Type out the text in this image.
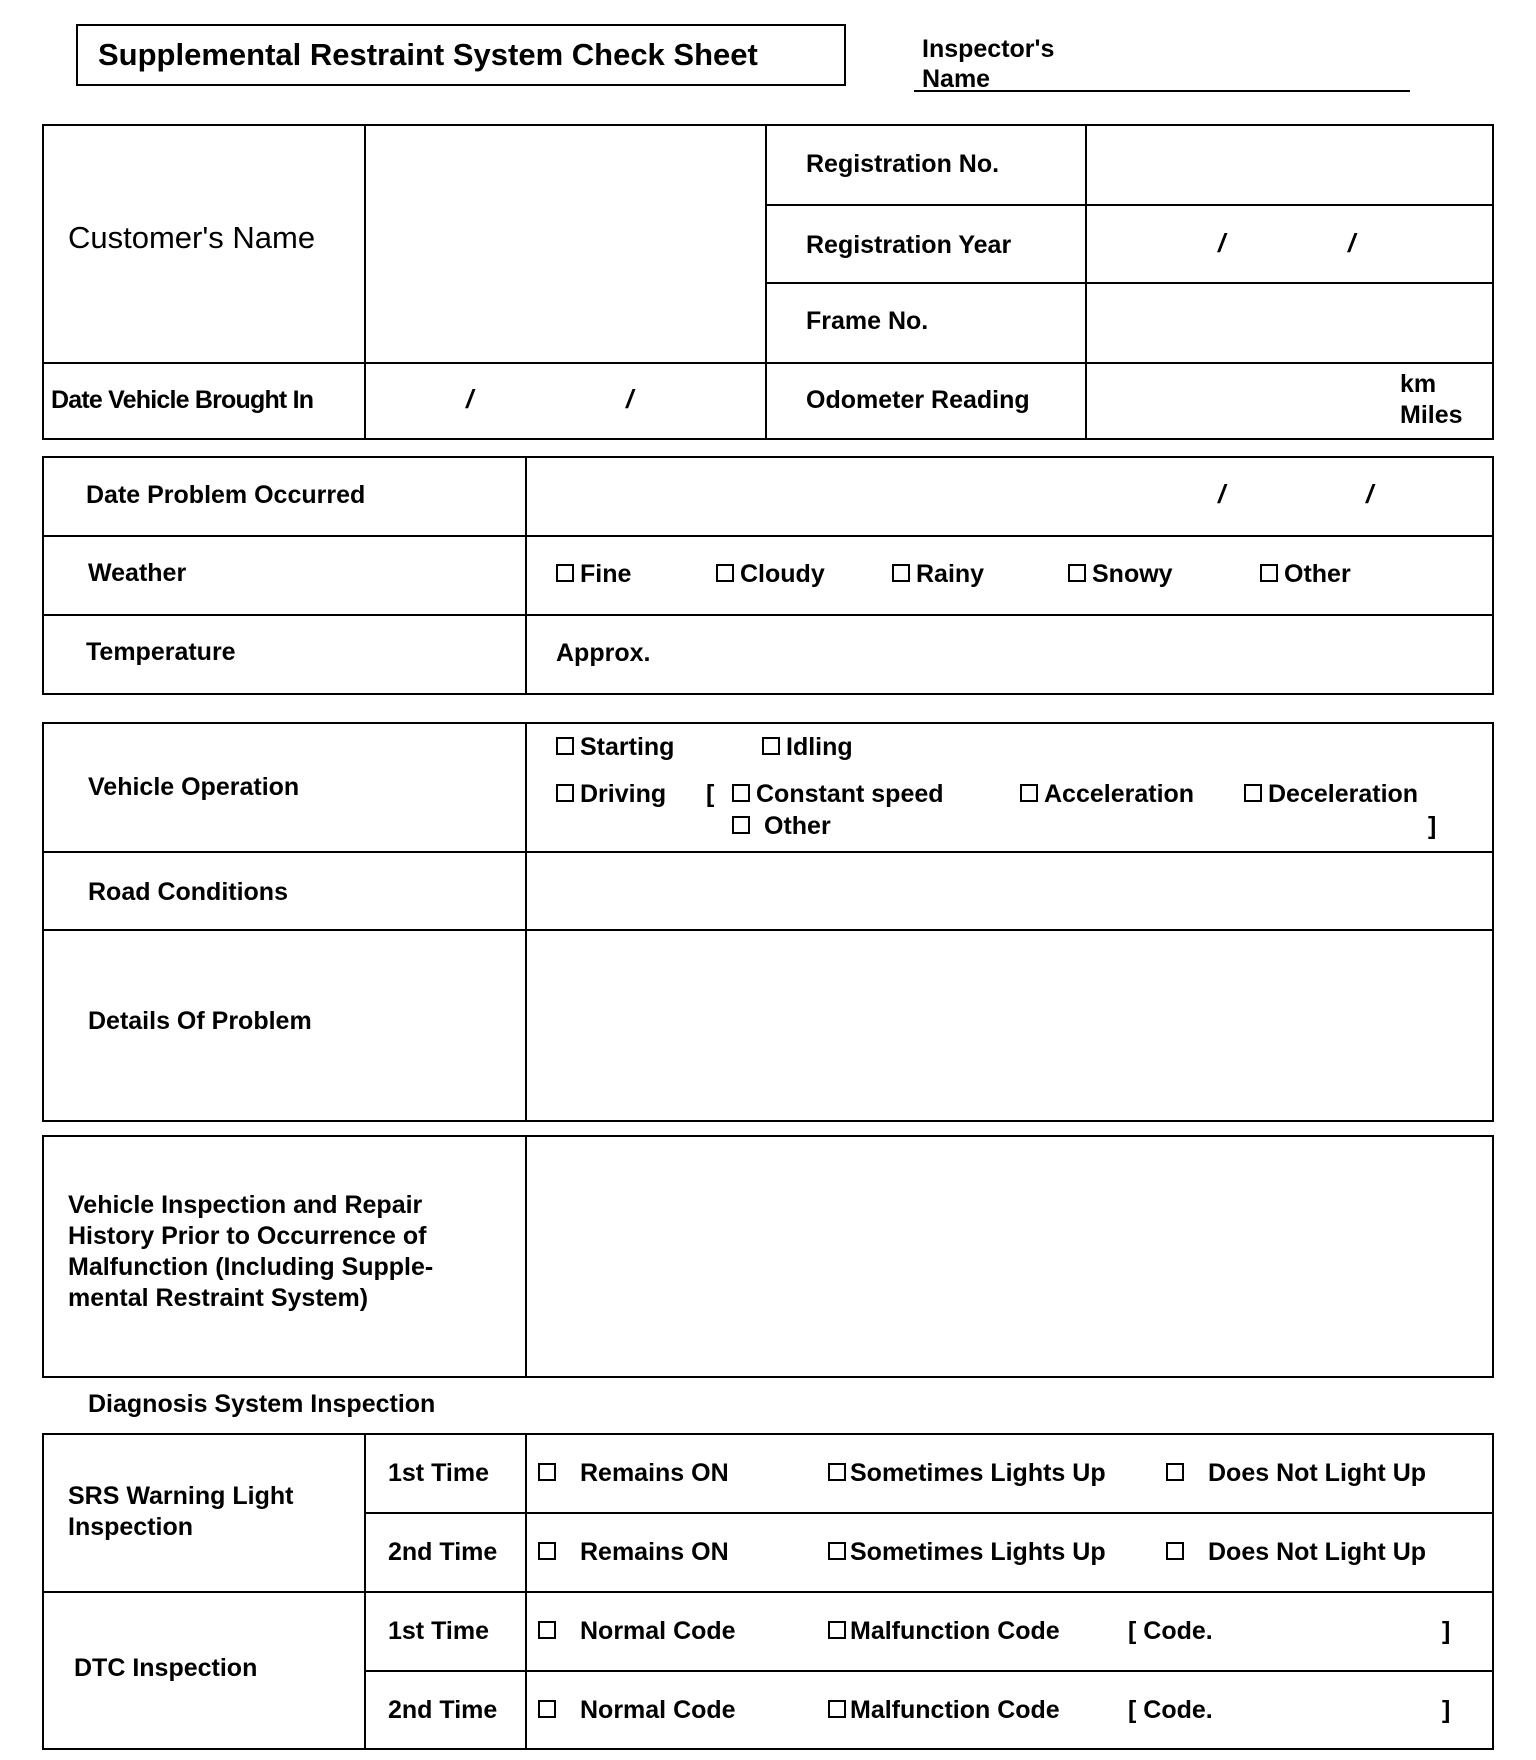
Supplemental Restraint System Check Sheet	Inspector's
Name
Customer's Name
Registration No.
Registration Year	/	/
Frame No.
Date Vehicle Brought In	/	/	Odometer Reading
km
Miles
Date Problem Occurred	/	/
Weather	Fine	Cloudy	Rainy	Snowy	Other
Temperature	Approx.
Vehicle Operation
Starting	Idling
Driving [	Constant speed	Acceleration	Deceleration
Other	]
Road Conditions
Details Of Problem
Vehicle Inspection and Repair History Prior to Occurrence of Malfunction (Including Supple- mental Restraint System)
Diagnosis System Inspection
SRS Warning Light Inspection
1st Time	Remains ON	Sometimes Lights Up	Does Not Light Up
2nd Time	Remains ON	Sometimes Lights Up	Does Not Light Up
DTC Inspection
1st Time	Normal Code	Malfunction Code	[ Code.	]
2nd Time	Normal Code	Malfunction Code	[ Code.	]
